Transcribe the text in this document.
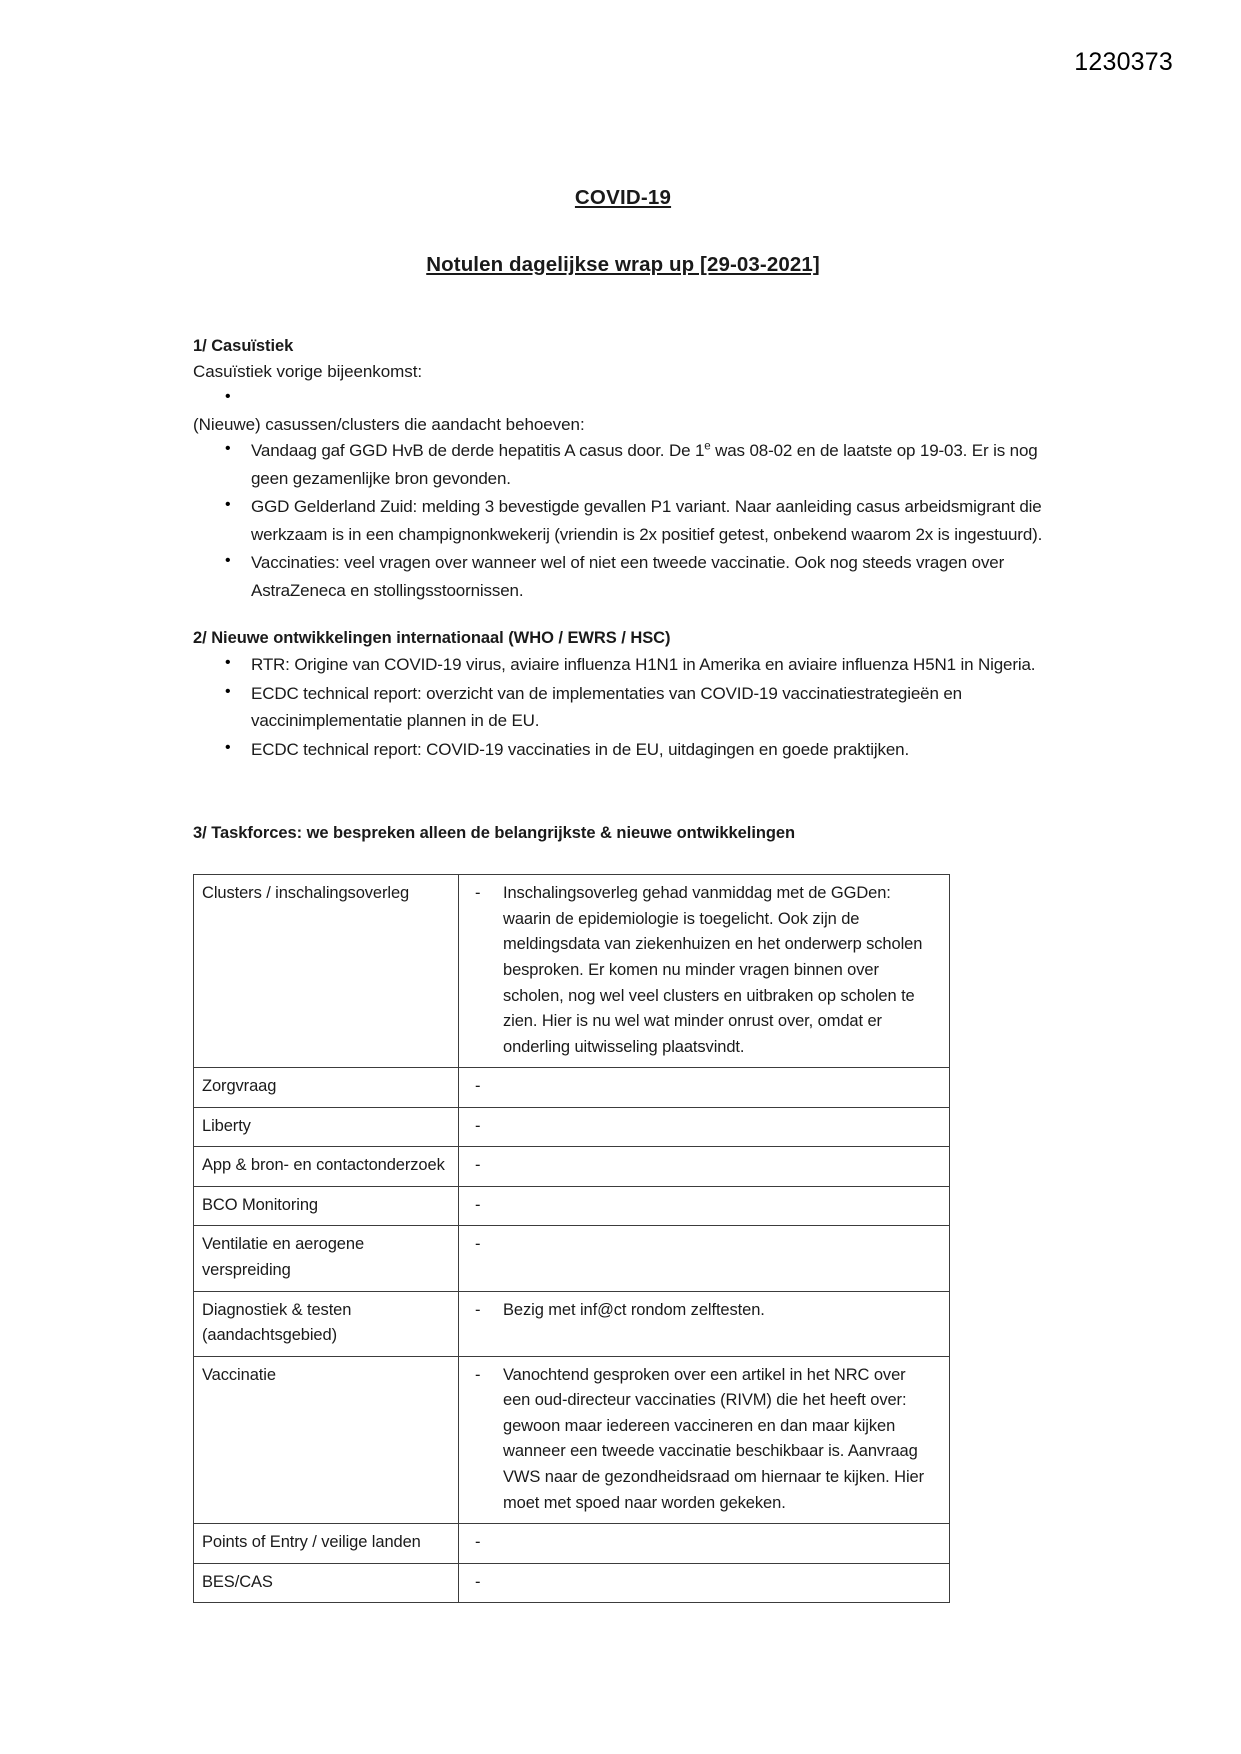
1230373
COVID-19
Notulen dagelijkse wrap up [29-03-2021]
1/ Casuïstiek
Casuïstiek vorige bijeenkomst:
•
(Nieuwe) casussen/clusters die aandacht behoeven:
• Vandaag gaf GGD HvB de derde hepatitis A casus door. De 1e was 08-02 en de laatste op 19-03. Er is nog geen gezamenlijke bron gevonden.
• GGD Gelderland Zuid: melding 3 bevestigde gevallen P1 variant. Naar aanleiding casus arbeidsmigrant die werkzaam is in een champignonkwekerij (vriendin is 2x positief getest, onbekend waarom 2x is ingestuurd).
• Vaccinaties: veel vragen over wanneer wel of niet een tweede vaccinatie. Ook nog steeds vragen over AstraZeneca en stollingsstoornissen.
2/ Nieuwe ontwikkelingen internationaal (WHO / EWRS / HSC)
• RTR: Origine van COVID-19 virus, aviaire influenza H1N1 in Amerika en aviaire influenza H5N1 in Nigeria.
• ECDC technical report: overzicht van de implementaties van COVID-19 vaccinatiestrategieën en vaccinimplementatie plannen in de EU.
• ECDC technical report: COVID-19 vaccinaties in de EU, uitdagingen en goede praktijken.
3/ Taskforces: we bespreken alleen de belangrijkste & nieuwe ontwikkelingen
Clusters / inschalingsoverleg	- Inschalingsoverleg gehad vanmiddag met de GGDen: waarin de epidemiologie is toegelicht. Ook zijn de meldingsdata van ziekenhuizen en het onderwerp scholen besproken. Er komen nu minder vragen binnen over scholen, nog wel veel clusters en uitbraken op scholen te zien. Hier is nu wel wat minder onrust over, omdat er onderling uitwisseling plaatsvindt.

Zorgvraag	-

Liberty	-

App & bron- en contactonderzoek	-

BCO Monitoring	-

Ventilatie en aerogene verspreiding	-

Diagnostiek & testen (aandachtsgebied)	- Bezig met inf@ct rondom zelftesten.

Vaccinatie	- Vanochtend gesproken over een artikel in het NRC over een oud-directeur vaccinaties (RIVM) die het heeft over: gewoon maar iedereen vaccineren en dan maar kijken wanneer een tweede vaccinatie beschikbaar is. Aanvraag VWS naar de gezondheidsraad om hiernaar te kijken. Hier moet met spoed naar worden gekeken.

Points of Entry / veilige landen	-

BES/CAS	-
